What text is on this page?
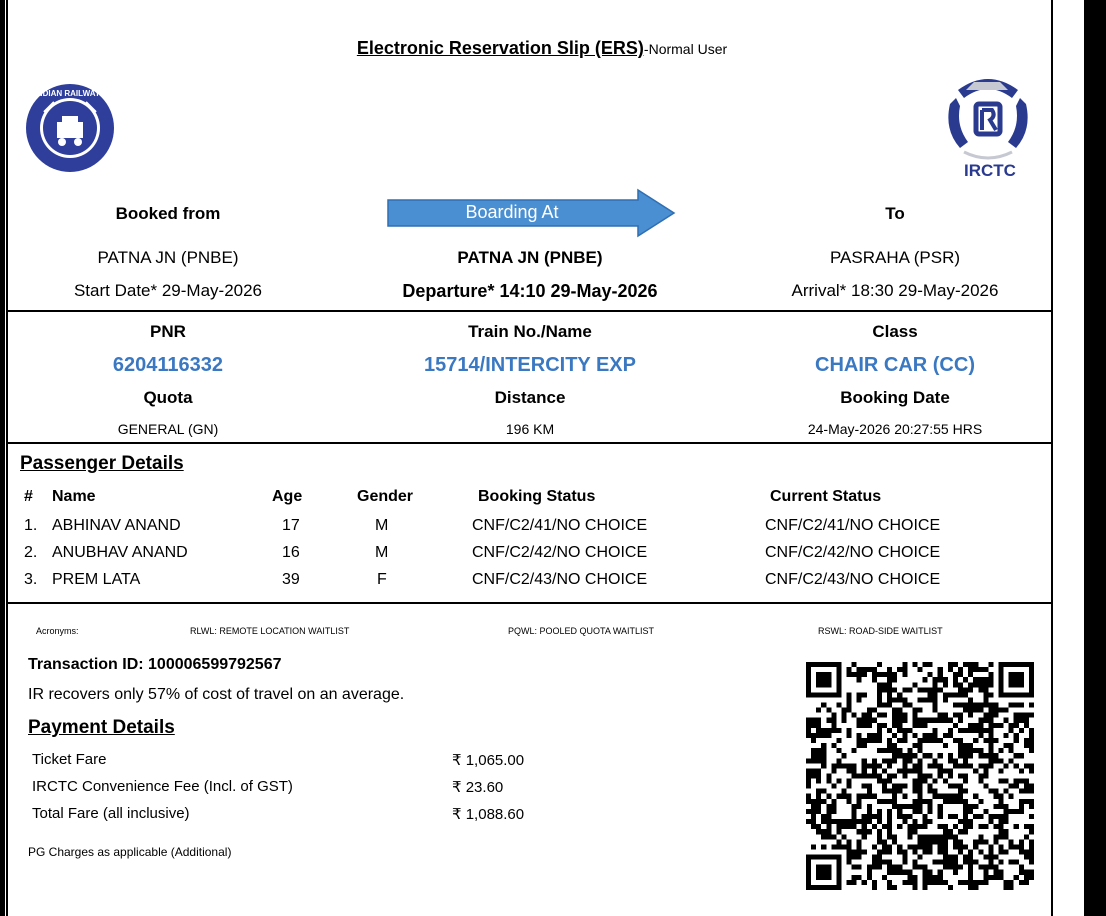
Electronic Reservation Slip (ERS)-Normal User
INDIAN RAILWAYS
IRCTC
Booked from	Boarding At	To
PATNA JN (PNBE)	PATNA JN (PNBE)	PASRAHA (PSR)
Start Date* 29-May-2026	Departure* 14:10 29-May-2026	Arrival* 18:30 29-May-2026
PNR	Train No./Name	Class
6204116332	15714/INTERCITY EXP	CHAIR CAR (CC)
Quota	Distance	Booking Date
GENERAL (GN)	196 KM	24-May-2026 20:27:55 HRS
Passenger Details
# Name	Age	Gender	Booking Status	Current Status
1. ABHINAV ANAND	17	M	CNF/C2/41/NO CHOICE	CNF/C2/41/NO CHOICE
2. ANUBHAV ANAND	16	M	CNF/C2/42/NO CHOICE	CNF/C2/42/NO CHOICE
3. PREM LATA	39	F	CNF/C2/43/NO CHOICE	CNF/C2/43/NO CHOICE
Acronyms:	RLWL: REMOTE LOCATION WAITLIST	PQWL: POOLED QUOTA WAITLIST	RSWL: ROAD-SIDE WAITLIST
Transaction ID: 100006599792567
IR recovers only 57% of cost of travel on an average.
Payment Details
Ticket Fare	₹ 1,065.00
IRCTC Convenience Fee (Incl. of GST)	₹ 23.60
Total Fare (all inclusive)	₹ 1,088.60
PG Charges as applicable (Additional)
